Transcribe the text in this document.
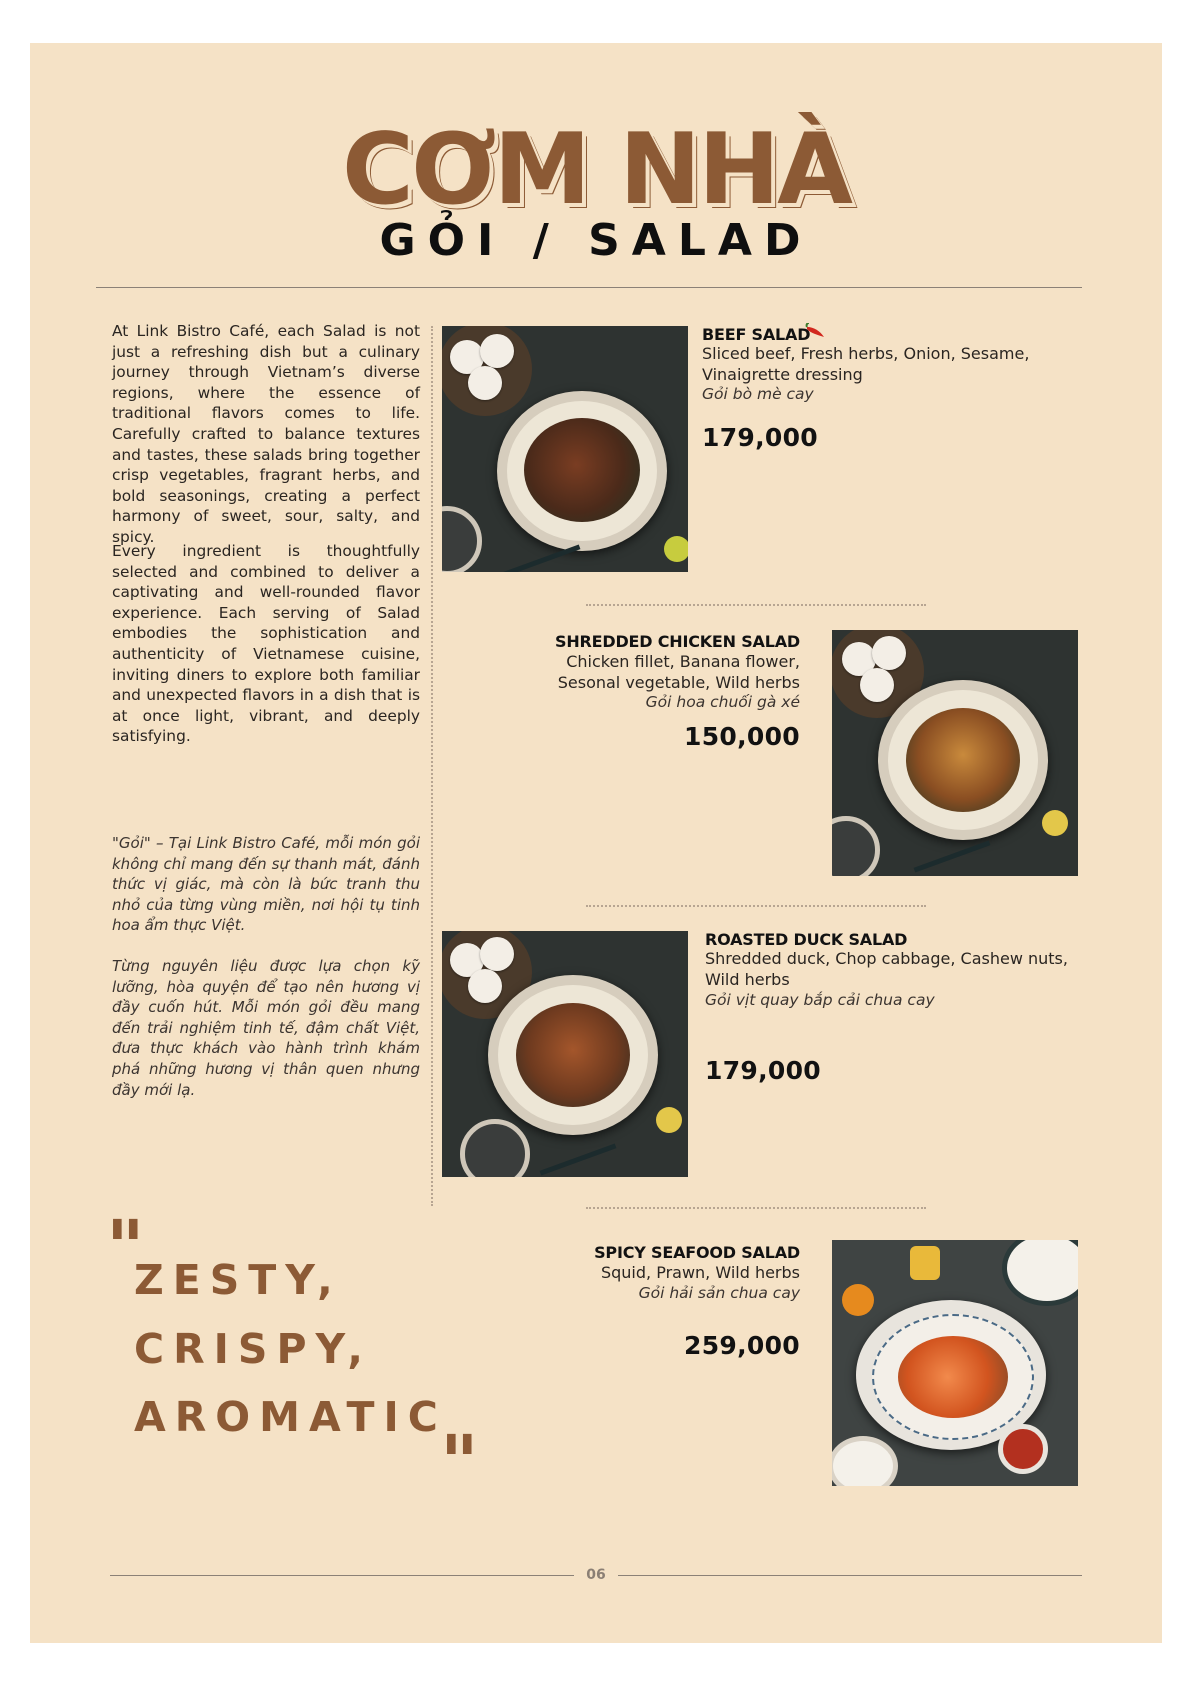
CƠM NHÀ
GỎI / SALAD

At Link Bistro Café, each Salad is not just a refreshing dish but a culinary journey through Vietnam’s diverse regions, where the essence of traditional flavors comes to life. Carefully crafted to balance textures and tastes, these salads bring together crisp vegetables, fragrant herbs, and bold seasonings, creating a perfect harmony of sweet, sour, salty, and spicy.

Every ingredient is thoughtfully selected and combined to deliver a captivating and well-rounded flavor experience. Each serving of Salad embodies the sophistication and authenticity of Vietnamese cuisine, inviting diners to explore both familiar and unexpected flavors in a dish that is at once light, vibrant, and deeply satisfying.

"Gỏi" – Tại Link Bistro Café, mỗi món gỏi không chỉ mang đến sự thanh mát, đánh thức vị giác, mà còn là bức tranh thu nhỏ của từng vùng miền, nơi hội tụ tinh hoa ẩm thực Việt.

Từng nguyên liệu được lựa chọn kỹ lưỡng, hòa quyện để tạo nên hương vị đầy cuốn hút. Mỗi món gỏi đều mang đến trải nghiệm tinh tế, đậm chất Việt, đưa thực khách vào hành trình khám phá những hương vị thân quen nhưng đầy mới lạ.

BEEF SALAD
Sliced beef, Fresh herbs, Onion, Sesame,
Vinaigrette dressing
Gỏi bò mè cay
179,000
SHREDDED CHICKEN SALAD
Chicken fillet, Banana flower,
Sesonal vegetable, Wild herbs
Gỏi hoa chuối gà xé
150,000
ROASTED DUCK SALAD
Shredded duck, Chop cabbage, Cashew nuts,
Wild herbs
Gỏi vịt quay bắp cải chua cay
179,000
SPICY SEAFOOD SALAD
Squid, Prawn, Wild herbs
Gỏi hải sản chua cay
259,000
"
ZESTY,
CRISPY,
AROMATIC
"
06
